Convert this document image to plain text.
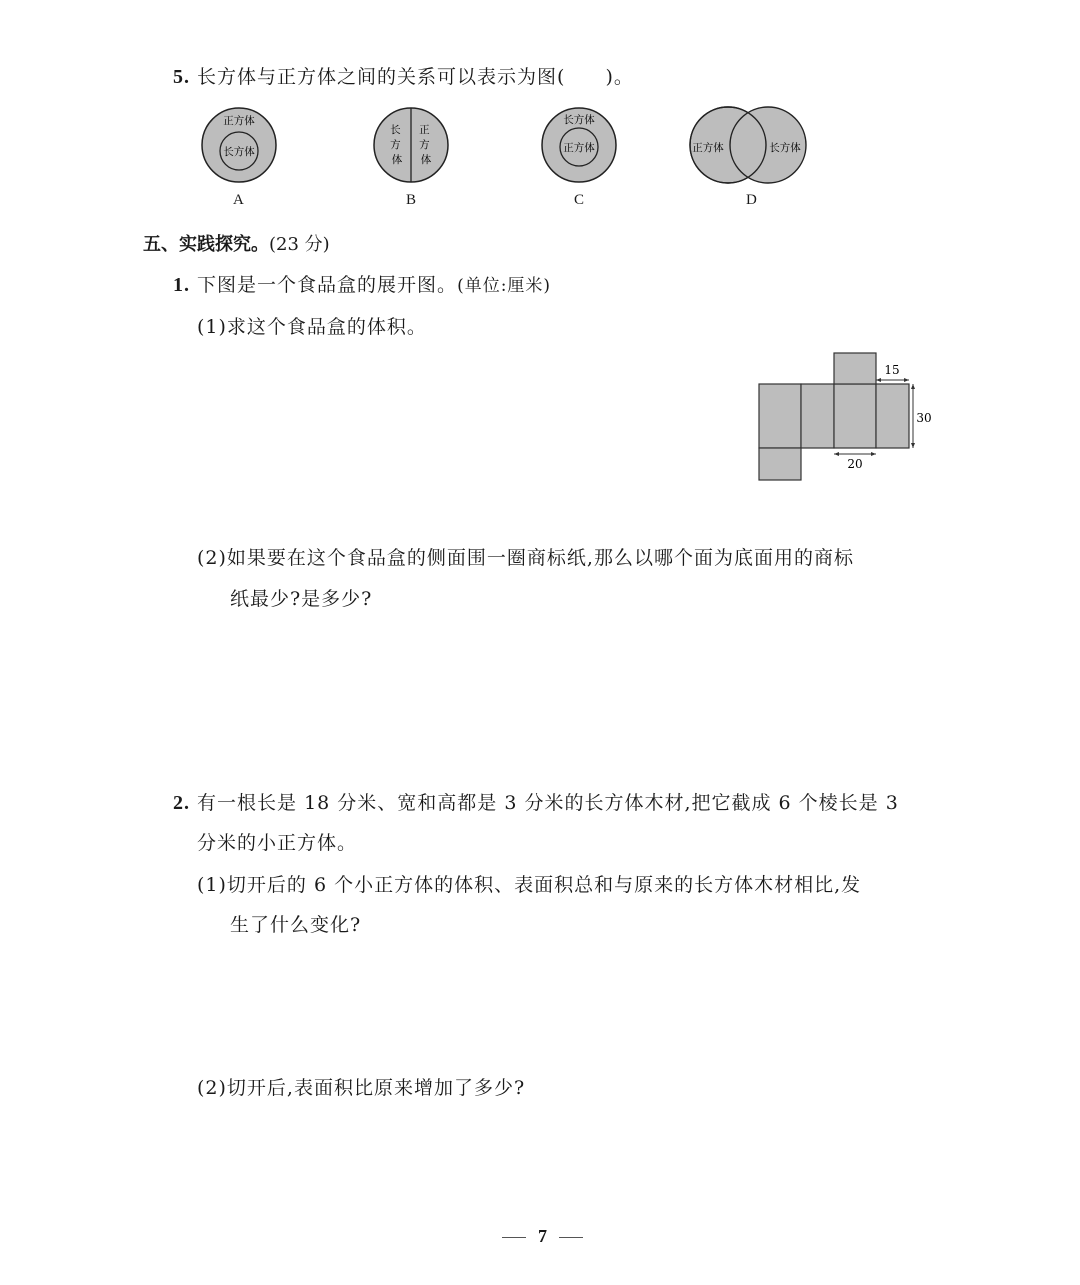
5. 长方体与正方体之间的关系可以表示为图(　　)。
正方体
长方体
A
长 方 体
正 方 体
B
长方体
正方体
C
正方体	长方体
D
五、实践探究。(23 分)
1. 下图是一个食品盒的展开图。(单位:厘米)
(1)求这个食品盒的体积。
15
30
20
(2)如果要在这个食品盒的侧面围一圈商标纸,那么以哪个面为底面用的商标
纸最少?是多少?
2. 有一根长是 18 分米、宽和高都是 3 分米的长方体木材,把它截成 6 个棱长是 3
分米的小正方体。
(1)切开后的 6 个小正方体的体积、表面积总和与原来的长方体木材相比,发
生了什么变化?
(2)切开后,表面积比原来增加了多少?
7
